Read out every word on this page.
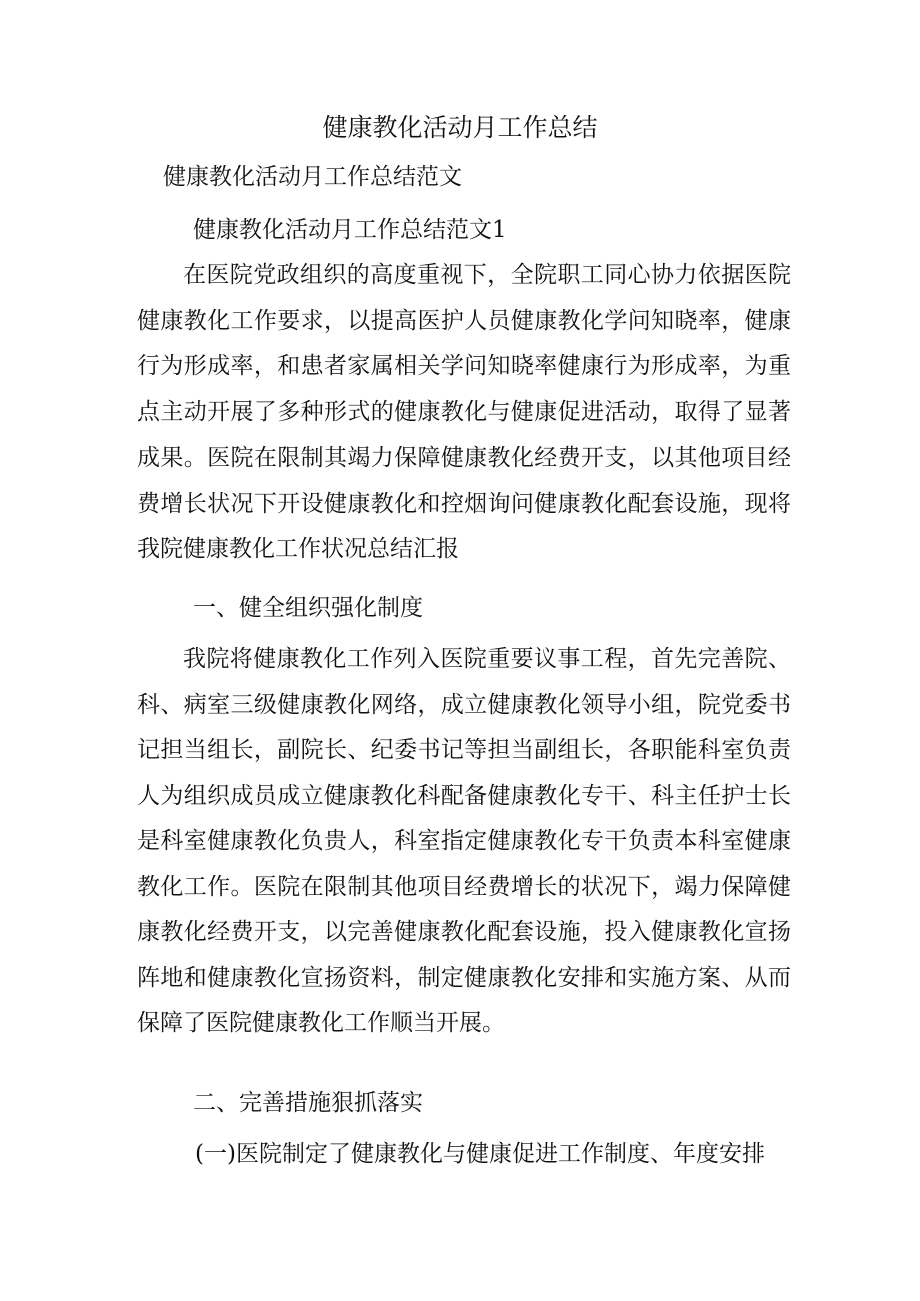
健康教化活动月工作总结
健康教化活动月工作总结范文
健康教化活动月工作总结范文1

在医院党政组织的高度重视下，全院职工同心协力依据医院健康教化工作要求，以提高医护人员健康教化学问知晓率，健康行为形成率，和患者家属相关学问知晓率健康行为形成率，为重点主动开展了多种形式的健康教化与健康促进活动，取得了显著成果。医院在限制其竭力保障健康教化经费开支，以其他项目经费增长状况下开设健康教化和控烟询问健康教化配套设施，现将我院健康教化工作状况总结汇报

一、健全组织强化制度

我院将健康教化工作列入医院重要议事工程，首先完善院、科、病室三级健康教化网络，成立健康教化领导小组，院党委书记担当组长，副院长、纪委书记等担当副组长，各职能科室负责人为组织成员成立健康教化科配备健康教化专干、科主任护士长是科室健康教化负贵人，科室指定健康教化专干负责本科室健康教化工作。医院在限制其他项目经费增长的状况下，竭力保障健康教化经费开支，以完善健康教化配套设施，投入健康教化宣扬阵地和健康教化宣扬资料，制定健康教化安排和实施方案、从而保障了医院健康教化工作顺当开展。

二、完善措施狠抓落实
(一)医院制定了健康教化与健康促进工作制度、年度安排
